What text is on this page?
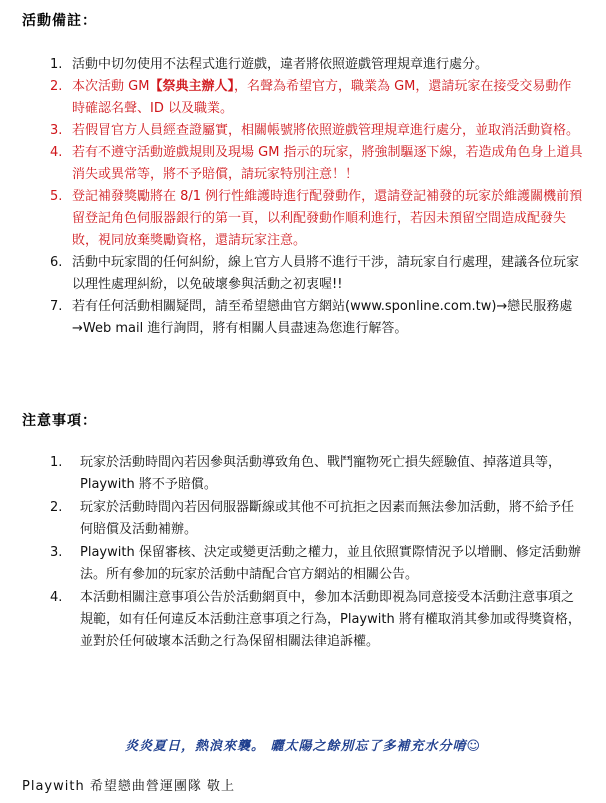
活動備註：
1. 活動中切勿使用不法程式進行遊戲，違者將依照遊戲管理規章進行處分。
2. 本次活動 GM【祭典主辦人】，名聲為希望官方，職業為 GM，還請玩家在接受交易動作時確認名聲、ID 以及職業。
3. 若假冒官方人員經查證屬實，相關帳號將依照遊戲管理規章進行處分，並取消活動資格。
4. 若有不遵守活動遊戲規則及現場 GM 指示的玩家，將強制驅逐下線，若造成角色身上道具消失或異常等，將不予賠償，請玩家特別注意！！
5. 登記補發獎勵將在 8/1 例行性維護時進行配發動作，還請登記補發的玩家於維護關機前預留登記角色伺服器銀行的第一頁，以利配發動作順利進行，若因未預留空間造成配發失敗，視同放棄獎勵資格，還請玩家注意。
6. 活動中玩家間的任何糾紛，線上官方人員將不進行干涉，請玩家自行處理，建議各位玩家以理性處理糾紛，以免破壞參與活動之初衷喔!!
7. 若有任何活動相關疑問，請至希望戀曲官方網站(www.sponline.com.tw)→戀民服務處→Web mail 進行詢問，將有相關人員盡速為您進行解答。
注意事項：
1. 玩家於活動時間內若因參與活動導致角色、戰鬥寵物死亡損失經驗值、掉落道具等，Playwith 將不予賠償。
2. 玩家於活動時間內若因伺服器斷線或其他不可抗拒之因素而無法參加活動，將不給予任何賠償及活動補辦。
3. Playwith 保留審核、決定或變更活動之權力，並且依照實際情況予以增刪、修定活動辦法。所有參加的玩家於活動中請配合官方網站的相關公告。
4. 本活動相關注意事項公告於活動網頁中，參加本活動即視為同意接受本活動注意事項之規範，如有任何違反本活動注意事項之行為，Playwith 將有權取消其參加或得獎資格，並對於任何破壞本活動之行為保留相關法律追訴權。
炎炎夏日，熱浪來襲。 曬太陽之餘別忘了多補充水分唷☺
Playwith 希望戀曲營運團隊 敬上
